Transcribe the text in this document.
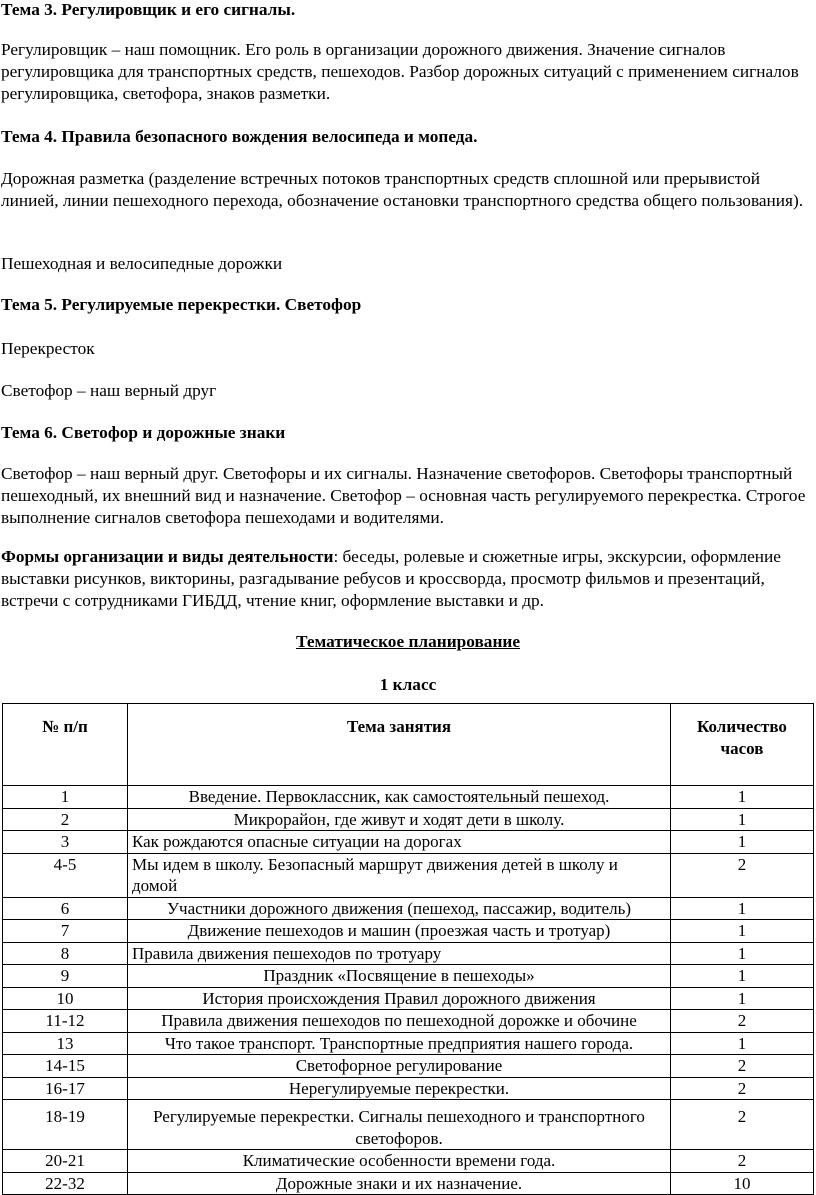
Тема 3. Регулировщик и его сигналы.

Регулировщик – наш помощник. Его роль в организации дорожного движения. Значение сигналов регулировщика для транспортных средств, пешеходов. Разбор дорожных ситуаций с применением сигналов регулировщика, светофора, знаков разметки.

Тема 4. Правила безопасного вождения велосипеда и мопеда.

Дорожная разметка (разделение встречных потоков транспортных средств сплошной или прерывистой линией, линии пешеходного перехода, обозначение остановки транспортного средства общего пользования).

Пешеходная и велосипедные дорожки

Тема 5. Регулируемые перекрестки. Светофор

Перекресток

Светофор – наш верный друг

Тема 6. Светофор и дорожные знаки

Светофор – наш верный друг. Светофоры и их сигналы. Назначение светофоров. Светофоры транспортный пешеходный, их внешний вид и назначение. Светофор – основная часть регулируемого перекрестка. Строгое выполнение сигналов светофора пешеходами и водителями.

Формы организации и виды деятельности: беседы, ролевые и сюжетные игры, экскурсии, оформление выставки рисунков, викторины, разгадывание ребусов и кроссворда, просмотр фильмов и презентаций, встречи с сотрудниками ГИБДД, чтение книг, оформление выставки и др.

Тематическое планирование

1 класс

№ п/п	Тема занятия	Количество часов
1	Введение. Первоклассник, как самостоятельный пешеход.	1
2	Микрорайон, где живут и ходят дети в школу.	1
3	Как рождаются опасные ситуации на дорогах	1
4-5	Мы идем в школу. Безопасный маршрут движения детей в школу и домой	2
6	Участники дорожного движения (пешеход, пассажир, водитель)	1
7	Движение пешеходов и машин (проезжая часть и тротуар)	1
8	Правила движения пешеходов по тротуару	1
9	Праздник «Посвящение в пешеходы»	1
10	История происхождения Правил дорожного движения	1
11-12	Правила движения пешеходов по пешеходной дорожке и обочине	2
13	Что такое транспорт. Транспортные предприятия нашего города.	1
14-15	Светофорное регулирование	2
16-17	Нерегулируемые перекрестки.	2
18-19	Регулируемые перекрестки. Сигналы пешеходного и транспортного светофоров.	2
20-21	Климатические особенности времени года.	2
22-32	Дорожные знаки и их назначение.	10
